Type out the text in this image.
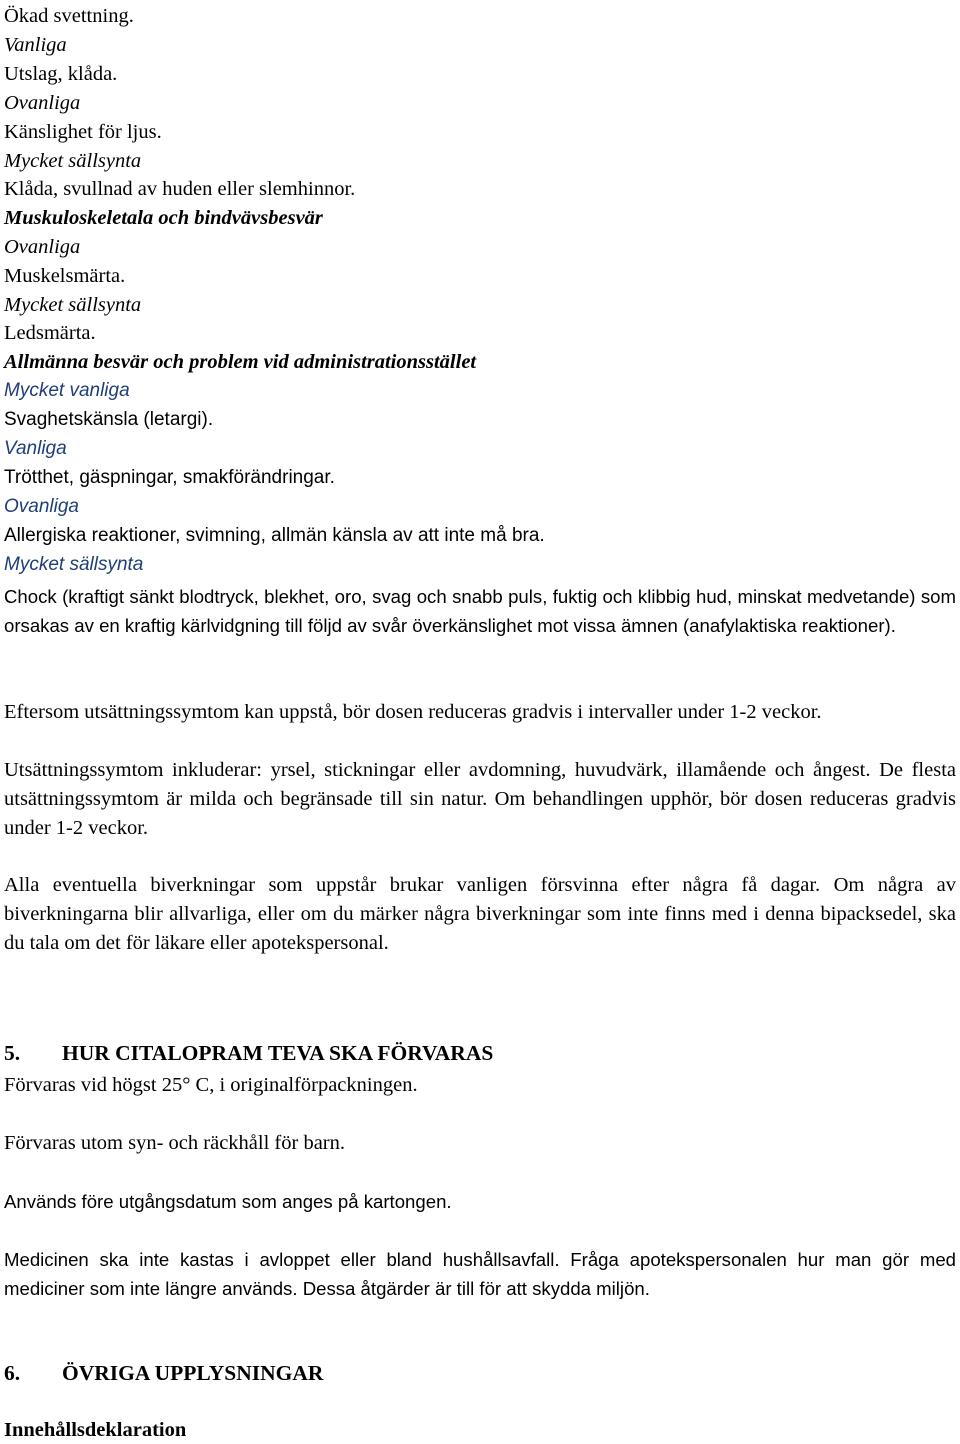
Ökad svettning.

Vanliga

Utslag, klåda.

Ovanliga

Känslighet för ljus.

Mycket sällsynta

Klåda, svullnad av huden eller slemhinnor.

Muskuloskeletala och bindvävsbesvär

Ovanliga

Muskelsmärta.

Mycket sällsynta

Ledsmärta.

Allmänna besvär och problem vid administrationsstället

Mycket vanliga

Svaghetskänsla (letargi).

Vanliga

Trötthet, gäspningar, smakförändringar.

Ovanliga

Allergiska reaktioner, svimning, allmän känsla av att inte må bra.

Mycket sällsynta

Chock (kraftigt sänkt blodtryck, blekhet, oro, svag och snabb puls, fuktig och klibbig hud, minskat medvetande) som orsakas av en kraftig kärlvidgning till följd av svår överkänslighet mot vissa ämnen (anafylaktiska reaktioner).

Eftersom utsättningssymtom kan uppstå, bör dosen reduceras gradvis i intervaller under 1-2 veckor.

Utsättningssymtom inkluderar: yrsel, stickningar eller avdomning, huvudvärk, illamående och ångest. De flesta utsättningssymtom är milda och begränsade till sin natur. Om behandlingen upphör, bör dosen reduceras gradvis under 1-2 veckor.

Alla eventuella biverkningar som uppstår brukar vanligen försvinna efter några få dagar. Om några av biverkningarna blir allvarliga, eller om du märker några biverkningar som inte finns med i denna bipacksedel, ska du tala om det för läkare eller apotekspersonal.

5. HUR CITALOPRAM TEVA SKA FÖRVARAS

Förvaras vid högst 25° C, i originalförpackningen.

Förvaras utom syn- och räckhåll för barn.

Används före utgångsdatum som anges på kartongen.

Medicinen ska inte kastas i avloppet eller bland hushållsavfall. Fråga apotekspersonalen hur man gör med mediciner som inte längre används. Dessa åtgärder är till för att skydda miljön.

6. ÖVRIGA UPPLYSNINGAR

Innehållsdeklaration
